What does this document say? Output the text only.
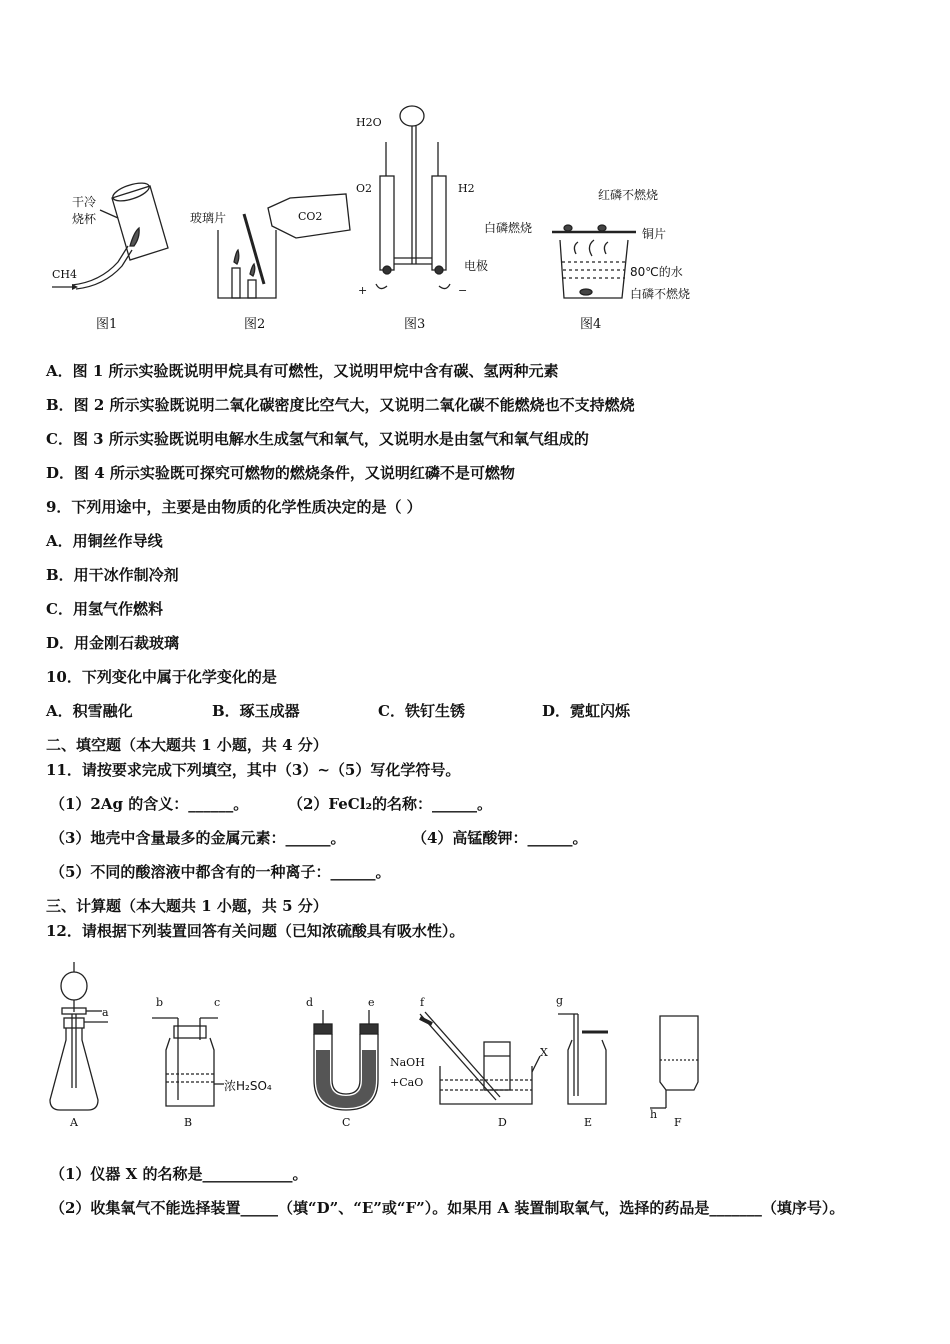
干冷
烧杯
CH4
玻璃片	CO2
H2O
O2	H2
电极
+	−
红磷不燃烧
白磷燃烧	铜片
80℃的水
白磷不燃烧
图1	图2	图3	图4
A．图 1 所示实验既说明甲烷具有可燃性，又说明甲烷中含有碳、氢两种元素
B．图 2 所示实验既说明二氧化碳密度比空气大，又说明二氧化碳不能燃烧也不支持燃烧
C．图 3 所示实验既说明电解水生成氢气和氧气，又说明水是由氢气和氧气组成的
D．图 4 所示实验既可探究可燃物的燃烧条件，又说明红磷不是可燃物
9．下列用途中，主要是由物质的化学性质决定的是（ ）
A．用铜丝作导线
B．用干冰作制冷剂
C．用氢气作燃料
D．用金刚石裁玻璃
10．下列变化中属于化学变化的是
A．积雪融化	B．琢玉成器	C．铁钉生锈	D．霓虹闪烁
二、填空题（本大题共 1 小题，共 4 分）
11．请按要求完成下列填空，其中（3）~（5）写化学符号。
（1）2Ag 的含义：______。	（2）FeCl₂的名称：______。
（3）地壳中含量最多的金属元素：______。	（4）高锰酸钾：______。
（5）不同的酸溶液中都含有的一种离子：______。
三、计算题（本大题共 1 小题，共 5 分）
12．请根据下列装置回答有关问题（已知浓硫酸具有吸水性）。
a
b	c	d	e	f	g
h
X
浓H₂SO₄
NaOH
+CaO
A	B	C	D	E	F
（1）仪器 X 的名称是____________。
（2）收集氧气不能选择装置_____（填“D”、“E”或“F”）。如果用 A 装置制取氧气，选择的药品是_______（填序号）。
